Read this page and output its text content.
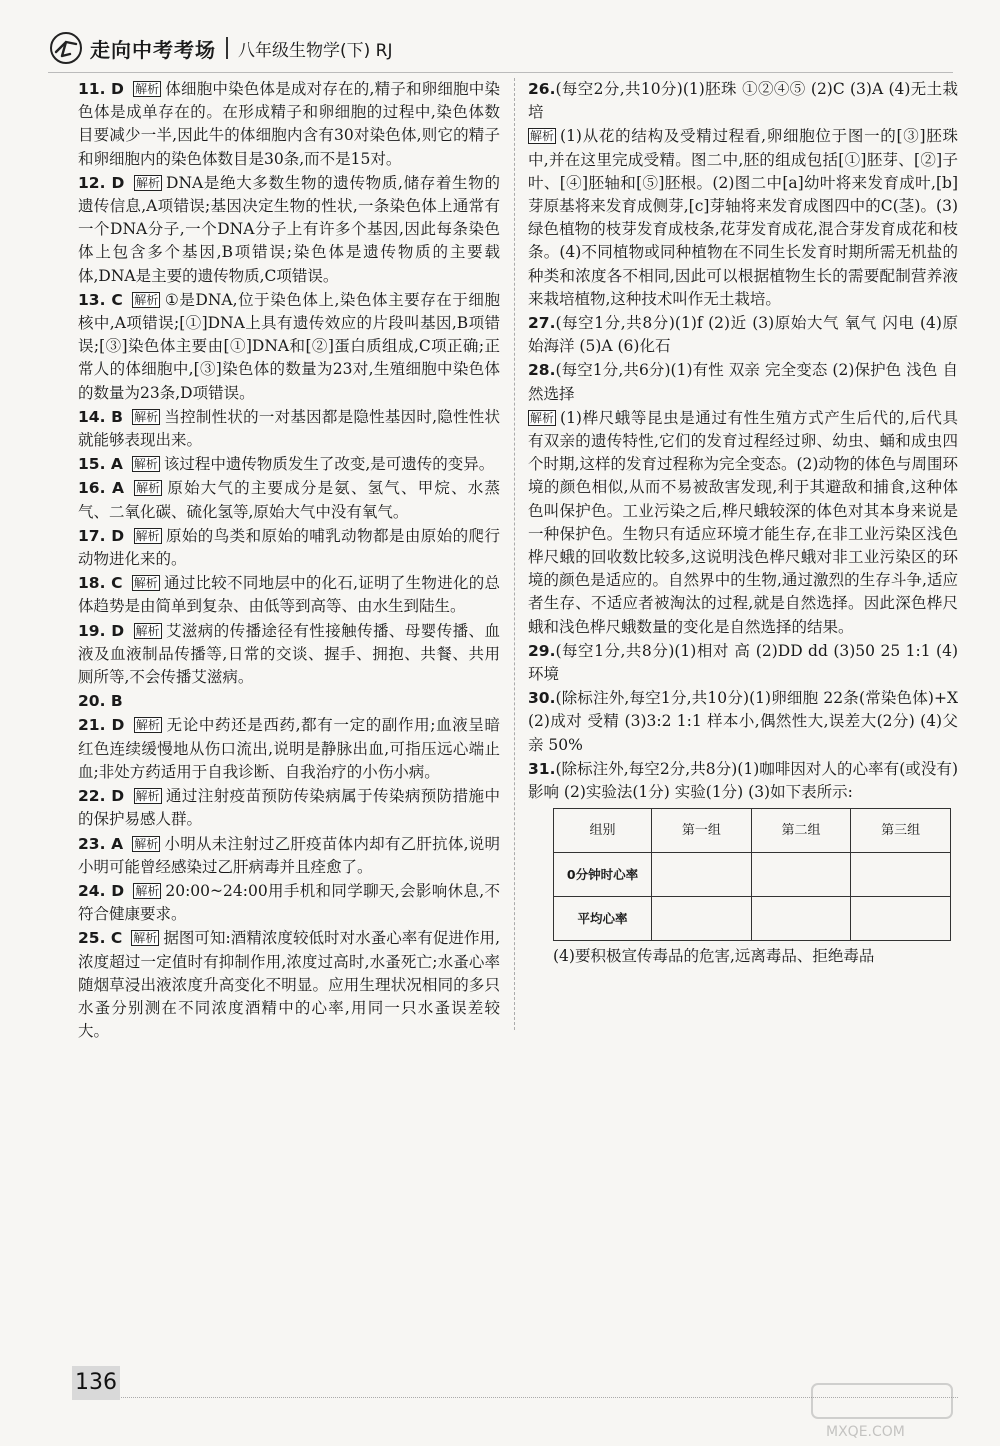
走向中考考场 八年级生物学(下) RJ

11. D 解析 体细胞中染色体是成对存在的,精子和卵细胞中染色体是成单存在的。在形成精子和卵细胞的过程中,染色体数目要减少一半,因此牛的体细胞内含有30对染色体,则它的精子和卵细胞内的染色体数目是30条,而不是15对。

12. D 解析 DNA是绝大多数生物的遗传物质,储存着生物的遗传信息,A项错误;基因决定生物的性状,一条染色体上通常有一个DNA分子,一个DNA分子上有许多个基因,因此每条染色体上包含多个基因,B项错误;染色体是遗传物质的主要载体,DNA是主要的遗传物质,C项错误。

13. C 解析 ①是DNA,位于染色体上,染色体主要存在于细胞核中,A项错误;[①]DNA上具有遗传效应的片段叫基因,B项错误;[③]染色体主要由[①]DNA和[②]蛋白质组成,C项正确;正常人的体细胞中,[③]染色体的数量为23对,生殖细胞中染色体的数量为23条,D项错误。

14. B 解析 当控制性状的一对基因都是隐性基因时,隐性性状就能够表现出来。

15. A 解析 该过程中遗传物质发生了改变,是可遗传的变异。

16. A 解析 原始大气的主要成分是氨、氢气、甲烷、水蒸气、二氧化碳、硫化氢等,原始大气中没有氧气。

17. D 解析 原始的鸟类和原始的哺乳动物都是由原始的爬行动物进化来的。

18. C 解析 通过比较不同地层中的化石,证明了生物进化的总体趋势是由简单到复杂、由低等到高等、由水生到陆生。

19. D 解析 艾滋病的传播途径有性接触传播、母婴传播、血液及血液制品传播等,日常的交谈、握手、拥抱、共餐、共用厕所等,不会传播艾滋病。

20. B

21. D 解析 无论中药还是西药,都有一定的副作用;血液呈暗红色连续缓慢地从伤口流出,说明是静脉出血,可指压远心端止血;非处方药适用于自我诊断、自我治疗的小伤小病。

22. D 解析 通过注射疫苗预防传染病属于传染病预防措施中的保护易感人群。

23. A 解析 小明从未注射过乙肝疫苗体内却有乙肝抗体,说明小明可能曾经感染过乙肝病毒并且痊愈了。

24. D 解析 20:00~24:00用手机和同学聊天,会影响休息,不符合健康要求。

25. C 解析 据图可知:酒精浓度较低时对水蚤心率有促进作用,浓度超过一定值时有抑制作用,浓度过高时,水蚤死亡;水蚤心率随烟草浸出液浓度升高变化不明显。应用生理状况相同的多只水蚤分别测在不同浓度酒精中的心率,用同一只水蚤误差较大。

26.(每空2分,共10分)(1)胚珠 ①②④⑤ (2)C (3)A (4)无土栽培

解析 (1)从花的结构及受精过程看,卵细胞位于图一的[③]胚珠中,并在这里完成受精。图二中,胚的组成包括[①]胚芽、[②]子叶、[④]胚轴和[⑤]胚根。(2)图二中[a]幼叶将来发育成叶,[b]芽原基将来发育成侧芽,[c]芽轴将来发育成图四中的C(茎)。(3)绿色植物的枝芽发育成枝条,花芽发育成花,混合芽发育成花和枝条。(4)不同植物或同种植物在不同生长发育时期所需无机盐的种类和浓度各不相同,因此可以根据植物生长的需要配制营养液来栽培植物,这种技术叫作无土栽培。

27.(每空1分,共8分)(1)f (2)近 (3)原始大气 氧气 闪电 (4)原始海洋 (5)A (6)化石

28.(每空1分,共6分)(1)有性 双亲 完全变态 (2)保护色 浅色 自然选择

解析 (1)桦尺蛾等昆虫是通过有性生殖方式产生后代的,后代具有双亲的遗传特性,它们的发育过程经过卵、幼虫、蛹和成虫四个时期,这样的发育过程称为完全变态。(2)动物的体色与周围环境的颜色相似,从而不易被敌害发现,利于其避敌和捕食,这种体色叫保护色。工业污染之后,桦尺蛾较深的体色对其本身来说是一种保护色。生物只有适应环境才能生存,在非工业污染区浅色桦尺蛾的回收数比较多,这说明浅色桦尺蛾对非工业污染区的环境的颜色是适应的。自然界中的生物,通过激烈的生存斗争,适应者生存、不适应者被淘汰的过程,就是自然选择。因此深色桦尺蛾和浅色桦尺蛾数量的变化是自然选择的结果。

29.(每空1分,共8分)(1)相对 高 (2)DD dd (3)50 25 1:1 (4)环境

30.(除标注外,每空1分,共10分)(1)卵细胞 22条(常染色体)+X (2)成对 受精 (3)3:2 1:1 样本小,偶然性大,误差大(2分) (4)父亲 50%

31.(除标注外,每空2分,共8分)(1)咖啡因对人的心率有(或没有)影响 (2)实验法(1分) 实验(1分) (3)如下表所示:

组别	第一组	第二组	第三组
0分钟时心率			
平均心率			

(4)要积极宣传毒品的危害,远离毒品、拒绝毒品

136
MXQE.COM
